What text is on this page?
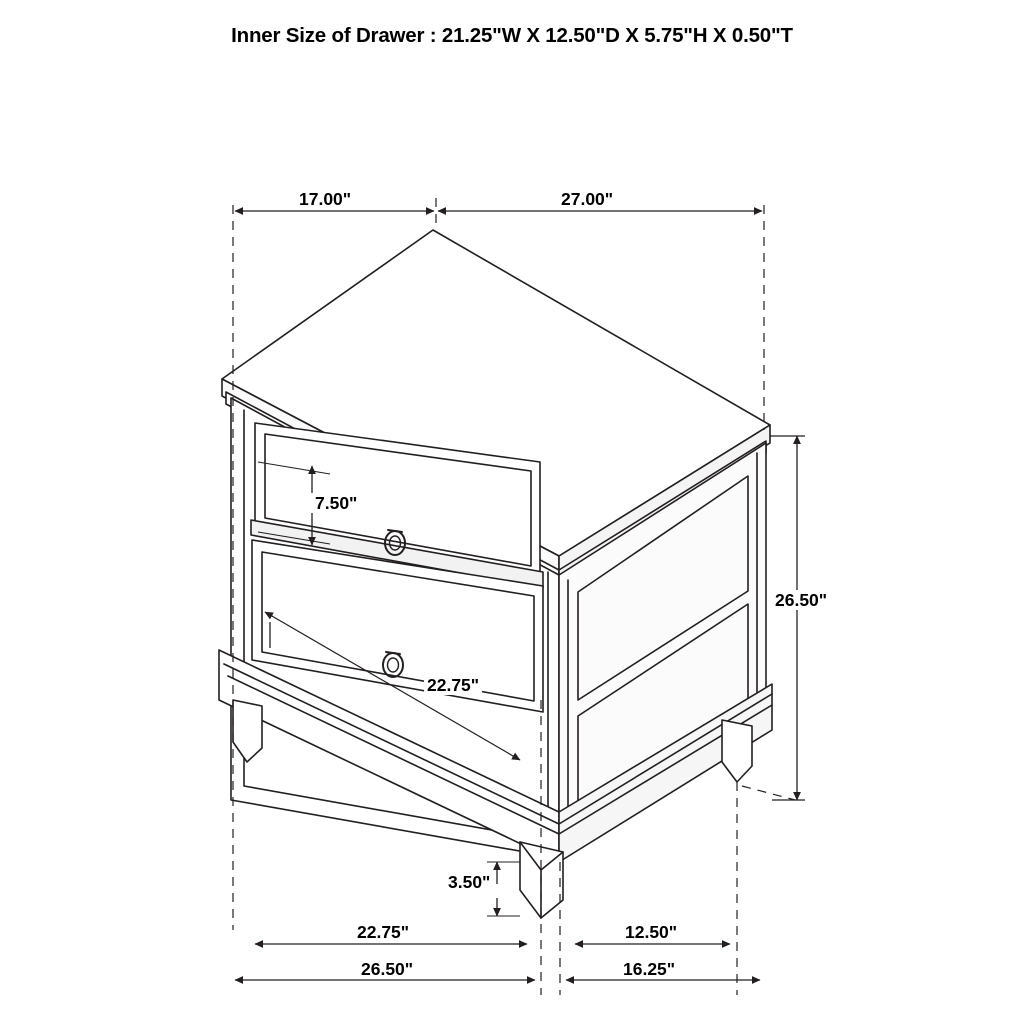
Inner Size of Drawer : 21.25"W X 12.50"D X 5.75"H X 0.50"T
17.00"	27.00"
26.50"
7.50"
22.75"
3.50"
22.75"	12.50"
26.50"	16.25"
